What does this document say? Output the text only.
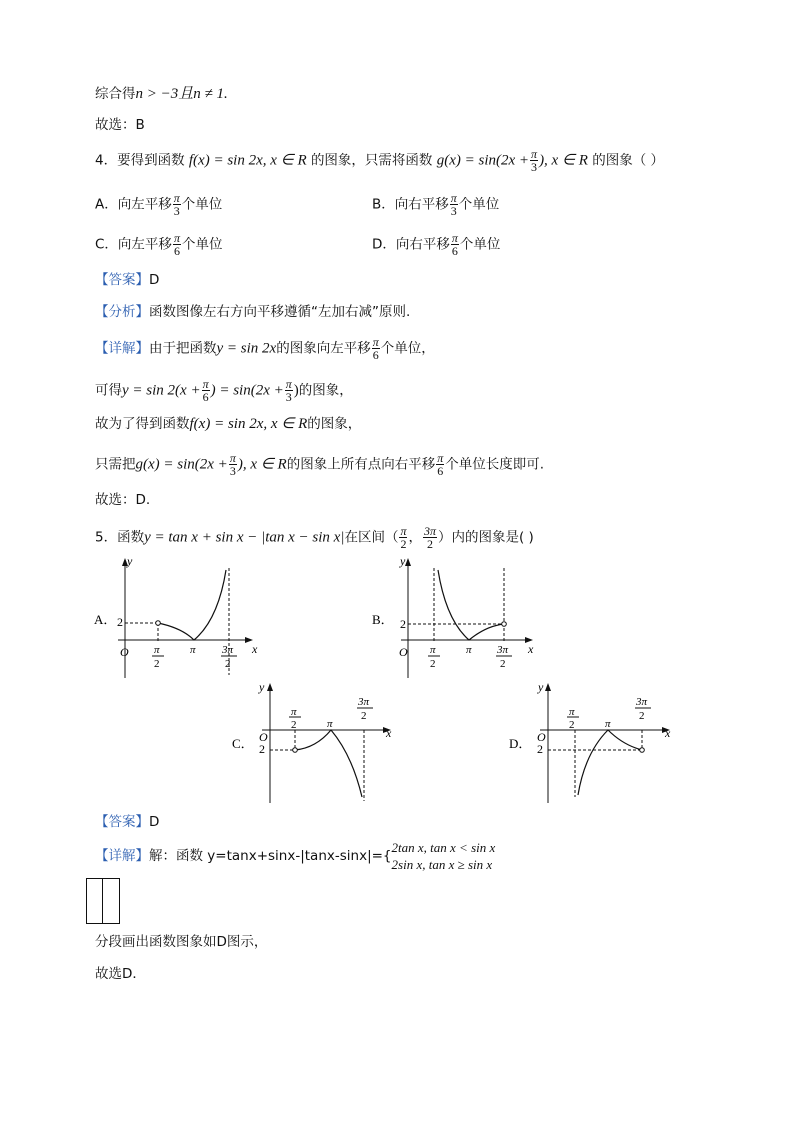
综合得n > −3且n ≠ 1.
故选：B
4．要得到函数 f(x) = sin 2x, x ∈ R 的图象，只需将函数 $g(x) = \sin(2x + \frac{\pi}{3}$ ), x ∈ R 的图象（ ）
A．向左平移 $\frac{\pi}{3}$ 个单位	B．向右平移 $\frac{\pi}{3}$ 个单位
C．向左平移 $\frac{\pi}{6}$ 个单位	D．向右平移 $\frac{\pi}{6}$ 个单位
【答案】D
【分析】函数图像左右方向平移遵循“左加右减”原则.
【详解】由于把函数y = sin 2x的图象向左平移 $\frac{\pi}{6}$ 个单位，
可得$y = \sin 2(x + \frac{\pi}{6}$ ) = $\sin(2x + \frac{\pi}{3}$ )的图象，
故为了得到函数f(x) = sin 2x, x ∈ R的图象，
只需把$g(x) = \sin(2x + \frac{\pi}{3}$ ), x ∈ R的图象上所有点向右平移 $\frac{\pi}{6}$ 个单位长度即可.
故选：D.
5．函数y = tan x + sin x − |tan x − sin x|在区间（ $\frac{\pi}{2}$ ， $\frac{3\pi}{2}$ ）内的图象是( )
A．
y
x
O
2
π
2
π 3π
2
B．
y
x
O
2
π
2
π 3π
2
C．
y
x
O
2
π
2	π
3π
2
D．
y
x
O
2
π
2	π
3π
2
【答案】D
【详解】解：函数 y=tanx+sinx-|tanx-sinx|={
2tan x, tan x < sin x
2sin x, tan x ≥ sin x
分段画出函数图象如D图示，
故选D．
